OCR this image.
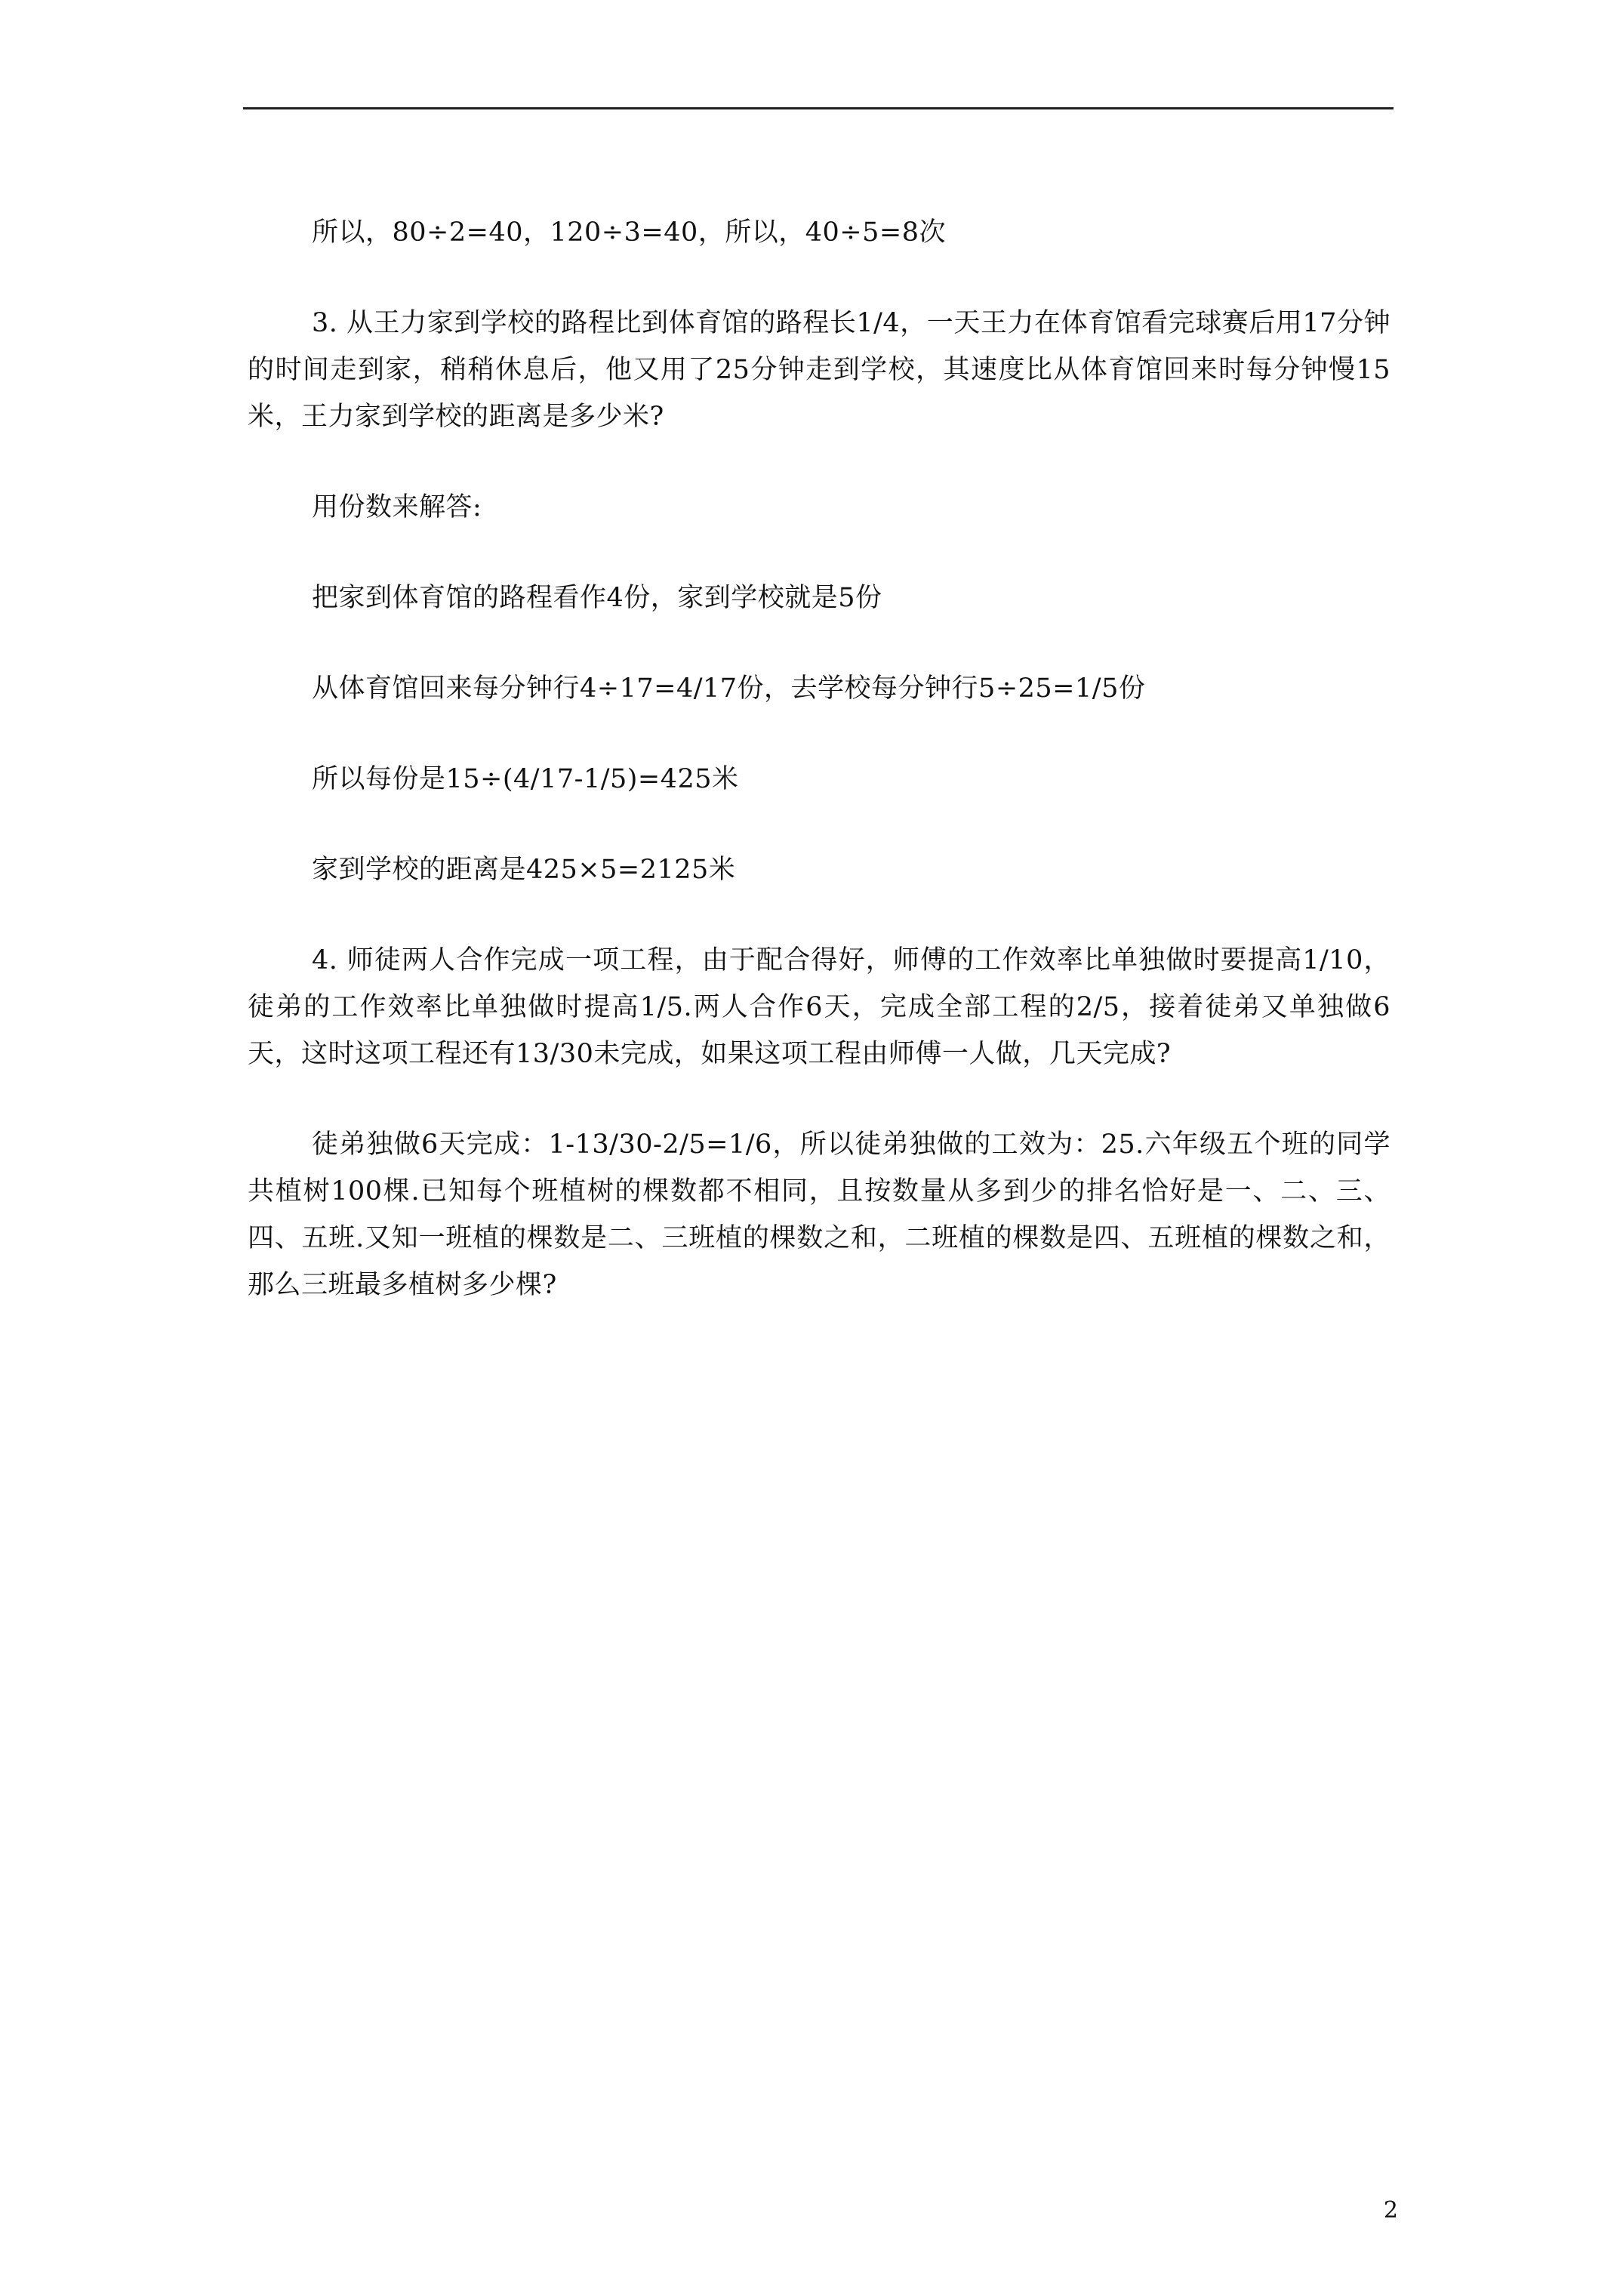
所以，80÷2=40，120÷3=40，所以，40÷5=8次

3. 从王力家到学校的路程比到体育馆的路程长1/4，一天王力在体育馆看完球赛后用17分钟的时间走到家，稍稍休息后，他又用了25分钟走到学校，其速度比从体育馆回来时每分钟慢15米，王力家到学校的距离是多少米?

用份数来解答:

把家到体育馆的路程看作4份，家到学校就是5份

从体育馆回来每分钟行4÷17=4/17份，去学校每分钟行5÷25=1/5份

所以每份是15÷(4/17-1/5)=425米

家到学校的距离是425×5=2125米

4. 师徒两人合作完成一项工程，由于配合得好，师傅的工作效率比单独做时要提高1/10，徒弟的工作效率比单独做时提高1/5.两人合作6天，完成全部工程的2/5，接着徒弟又单独做6天，这时这项工程还有13/30未完成，如果这项工程由师傅一人做，几天完成?

徒弟独做6天完成：1-13/30-2/5=1/6，所以徒弟独做的工效为：25.六年级五个班的同学共植树100棵.已知每个班植树的棵数都不相同，且按数量从多到少的排名恰好是一、二、三、四、五班.又知一班植的棵数是二、三班植的棵数之和，二班植的棵数是四、五班植的棵数之和，那么三班最多植树多少棵?

2
